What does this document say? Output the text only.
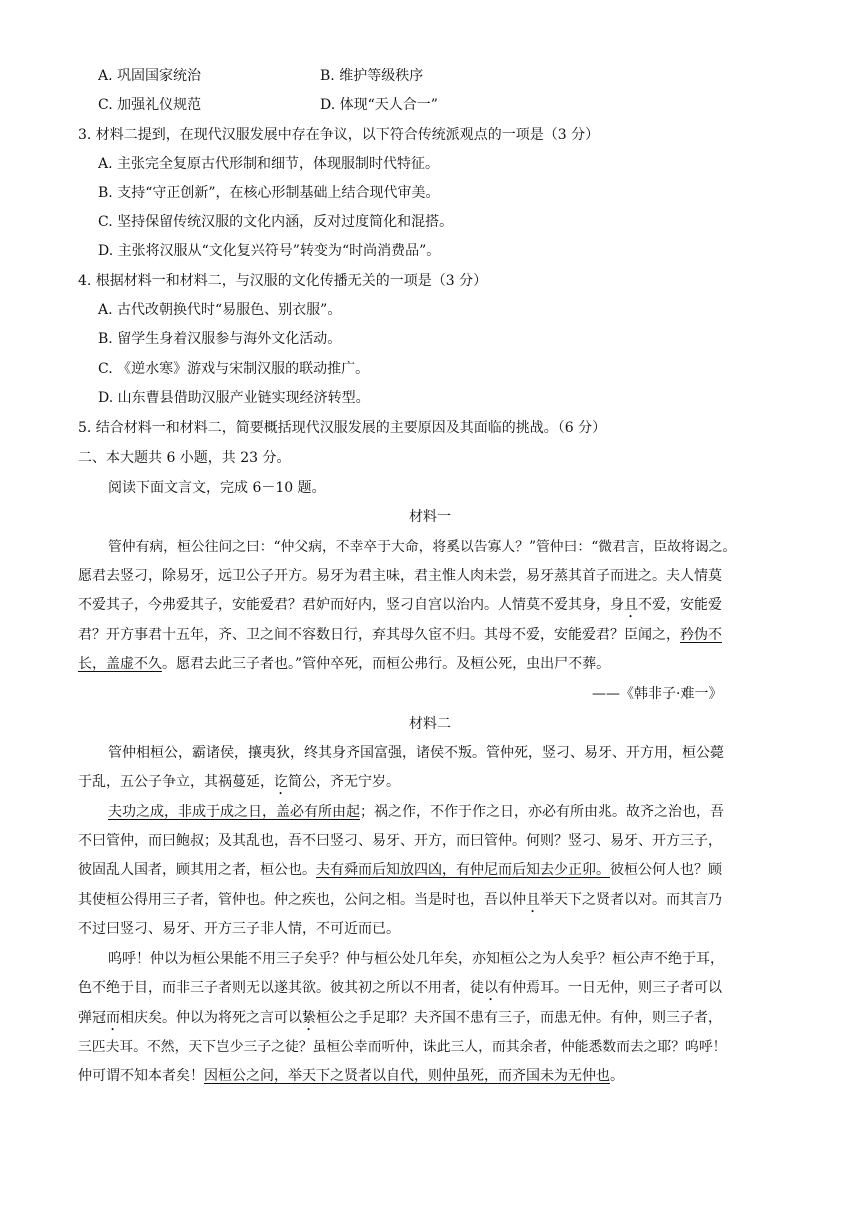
A. 巩固国家统治	B. 维护等级秩序
C. 加强礼仪规范	D. 体现“天人合一”
3. 材料二提到，在现代汉服发展中存在争议，以下符合传统派观点的一项是（3 分）
A. 主张完全复原古代形制和细节，体现服制时代特征。
B. 支持“守正创新”，在核心形制基础上结合现代审美。
C. 坚持保留传统汉服的文化内涵，反对过度简化和混搭。
D. 主张将汉服从“文化复兴符号”转变为“时尚消费品”。
4. 根据材料一和材料二，与汉服的文化传播无关的一项是（3 分）
A. 古代改朝换代时“易服色、别衣服”。
B. 留学生身着汉服参与海外文化活动。
C. 《逆水寒》游戏与宋制汉服的联动推广。
D. 山东曹县借助汉服产业链实现经济转型。
5. 结合材料一和材料二，简要概括现代汉服发展的主要原因及其面临的挑战。（6 分）
二、本大题共 6 小题，共 23 分。
阅读下面文言文，完成 6－10 题。
材料一
管仲有病，桓公往问之曰：“仲父病，不幸卒于大命，将奚以告寡人？”管仲曰：“微君言，臣故将谒之。
愿君去竖刁，除易牙，远卫公子开方。易牙为君主味，君主惟人肉未尝，易牙蒸其首子而进之。夫人情莫
不爱其子，今弗爱其子，安能爱君？君妒而好内，竖刁自宫以治内。人情莫不爱其身，身且不爱，安能爱
君？开方事君十五年，齐、卫之间不容数日行，弃其母久宦不归。其母不爱，安能爱君？臣闻之，矜伪不
长，盖虚不久。愿君去此三子者也。”管仲卒死，而桓公弗行。及桓公死，虫出尸不葬。
——《韩非子·难一》
材料二
管仲相桓公，霸诸侯，攘夷狄，终其身齐国富强，诸侯不叛。管仲死，竖刁、易牙、开方用，桓公薨
于乱，五公子争立，其祸蔓延，讫简公，齐无宁岁。
夫功之成，非成于成之日，盖必有所由起；祸之作，不作于作之日，亦必有所由兆。故齐之治也，吾
不曰管仲，而曰鲍叔；及其乱也，吾不曰竖刁、易牙、开方，而曰管仲。何则？竖刁、易牙、开方三子，
彼固乱人国者，顾其用之者，桓公也。夫有舜而后知放四凶，有仲尼而后知去少正卯。彼桓公何人也？顾
其使桓公得用三子者，管仲也。仲之疾也，公问之相。当是时也，吾以仲且举天下之贤者以对。而其言乃
不过曰竖刁、易牙、开方三子非人情，不可近而已。
呜呼！仲以为桓公果能不用三子矣乎？仲与桓公处几年矣，亦知桓公之为人矣乎？桓公声不绝于耳，
色不绝于目，而非三子者则无以遂其欲。彼其初之所以不用者，徒以有仲焉耳。一日无仲，则三子者可以
弹冠而相庆矣。仲以为将死之言可以絷桓公之手足耶？夫齐国不患有三子，而患无仲。有仲，则三子者，
三匹夫耳。不然，天下岂少三子之徒？虽桓公幸而听仲，诛此三人，而其余者，仲能悉数而去之耶？呜呼！
仲可谓不知本者矣！因桓公之问，举天下之贤者以自代，则仲虽死，而齐国未为无仲也。
